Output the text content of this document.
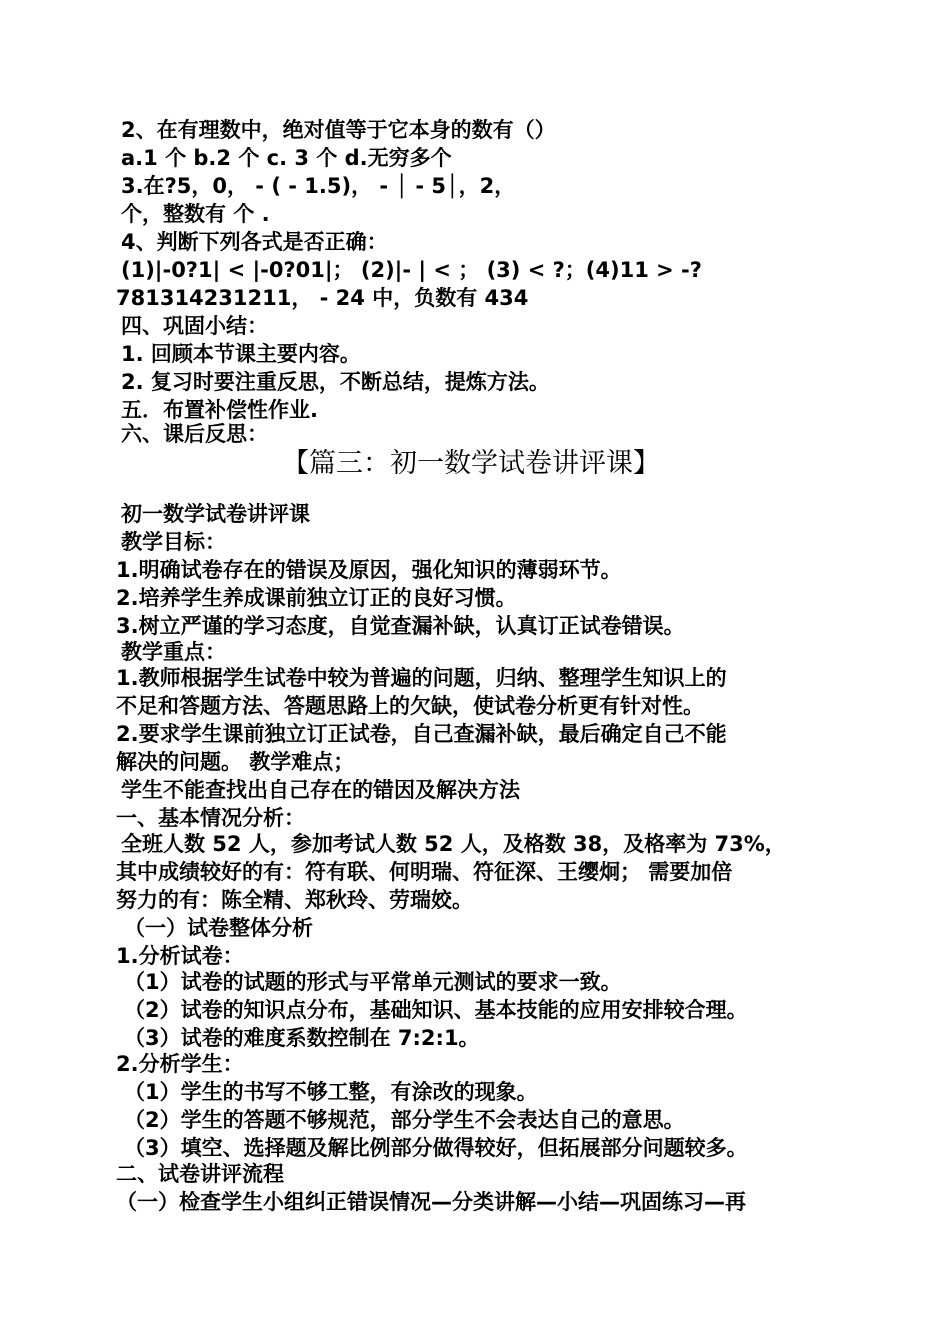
2、在有理数中，绝对值等于它本身的数有（）
a.1 个 b.2 个 c. 3 个 d.无穷多个
3.在?5，0， - ( - 1.5)， - │ - 5│，2，
个，整数有 个 .
4、判断下列各式是否正确：
(1)|-0?1| < |-0?01|； (2)|- | < ； (3) < ?；(4)11 > -?
781314231211， - 24 中，负数有 434
四、巩固小结：
1. 回顾本节课主要内容。
2. 复习时要注重反思，不断总结，提炼方法。
五．布置补偿性作业.
六、课后反思：
【篇三：初一数学试卷讲评课】
初一数学试卷讲评课
教学目标：
1.明确试卷存在的错误及原因，强化知识的薄弱环节。
2.培养学生养成课前独立订正的良好习惯。
3.树立严谨的学习态度，自觉查漏补缺，认真订正试卷错误。
教学重点：
1.教师根据学生试卷中较为普遍的问题，归纳、整理学生知识上的
不足和答题方法、答题思路上的欠缺，使试卷分析更有针对性。
2.要求学生课前独立订正试卷，自己查漏补缺，最后确定自己不能
解决的问题。 教学难点；
学生不能查找出自己存在的错因及解决方法
一、基本情况分析：
全班人数 52 人，参加考试人数 52 人，及格数 38，及格率为 73%，
其中成绩较好的有：符有联、何明瑞、符征深、王缨炯； 需要加倍
努力的有：陈全精、郑秋玲、劳瑞姣。
（一）试卷整体分析
1.分析试卷：
（1）试卷的试题的形式与平常单元测试的要求一致。
（2）试卷的知识点分布，基础知识、基本技能的应用安排较合理。
（3）试卷的难度系数控制在 7:2:1。
2.分析学生：
（1）学生的书写不够工整，有涂改的现象。
（2）学生的答题不够规范，部分学生不会表达自己的意思。
（3）填空、选择题及解比例部分做得较好，但拓展部分问题较多。
二、试卷讲评流程
（一）检查学生小组纠正错误情况—分类讲解—小结—巩固练习—再
